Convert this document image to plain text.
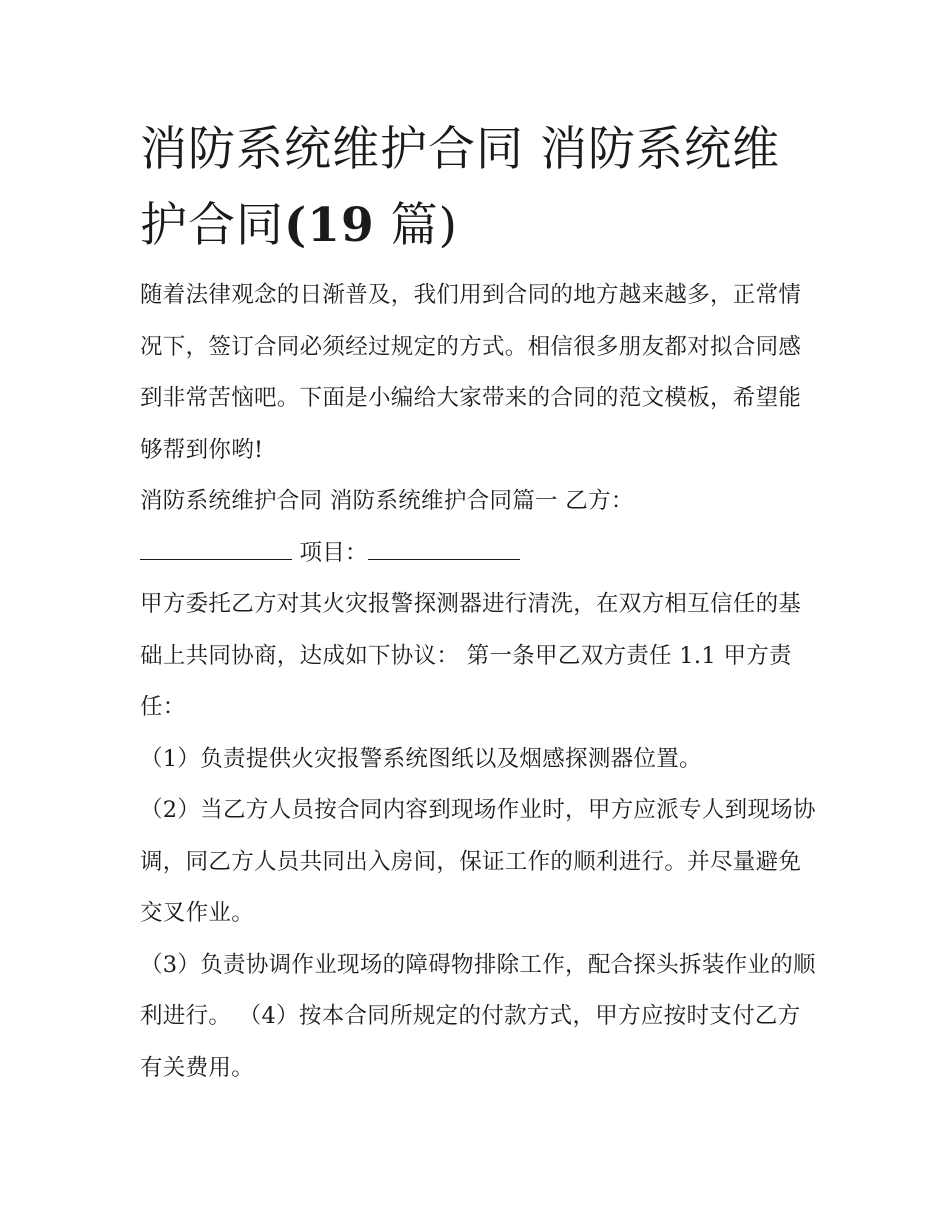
消防系统维护合同 消防系统维护合同(19 篇)

随着法律观念的日渐普及，我们用到合同的地方越来越多，正常情况下，签订合同必须经过规定的方式。相信很多朋友都对拟合同感到非常苦恼吧。下面是小编给大家带来的合同的范文模板，希望能够帮到你哟!

消防系统维护合同 消防系统维护合同篇一 乙方：

项目：

甲方委托乙方对其火灾报警探测器进行清洗，在双方相互信任的基础上共同协商，达成如下协议： 第一条甲乙双方责任 1.1 甲方责任：

（1）负责提供火灾报警系统图纸以及烟感探测器位置。

（2）当乙方人员按合同内容到现场作业时，甲方应派专人到现场协调，同乙方人员共同出入房间，保证工作的顺利进行。并尽量避免交叉作业。

（3）负责协调作业现场的障碍物排除工作，配合探头拆装作业的顺利进行。 （4）按本合同所规定的付款方式，甲方应按时支付乙方有关费用。
